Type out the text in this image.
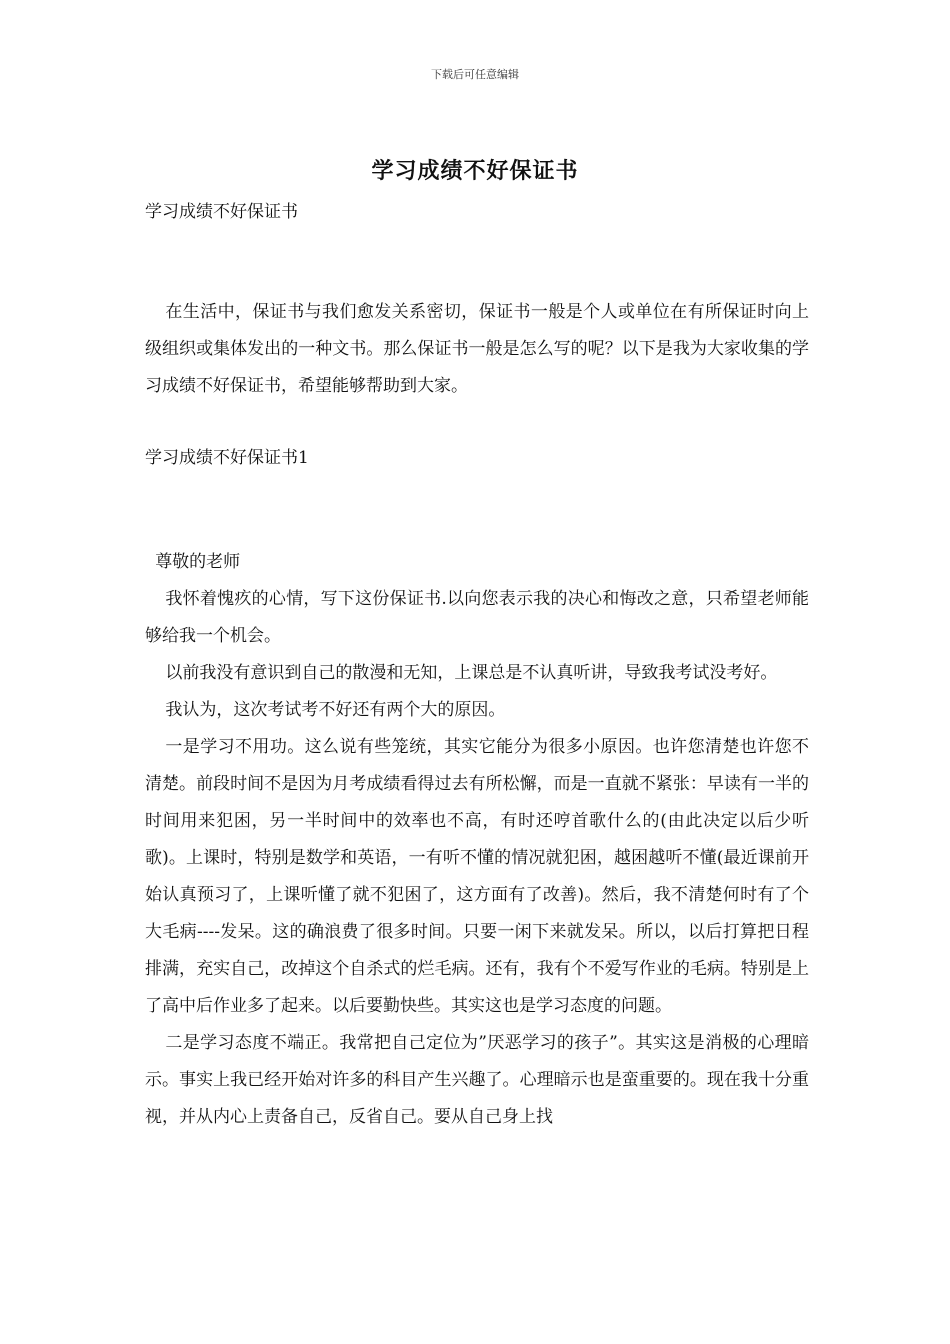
下载后可任意编辑
学习成绩不好保证书

学习成绩不好保证书

在生活中，保证书与我们愈发关系密切，保证书一般是个人或单位在有所保证时向上级组织或集体发出的一种文书。那么保证书一般是怎么写的呢？以下是我为大家收集的学习成绩不好保证书，希望能够帮助到大家。

学习成绩不好保证书1

尊敬的老师

我怀着愧疚的心情，写下这份保证书.以向您表示我的决心和悔改之意，只希望老师能够给我一个机会。

以前我没有意识到自己的散漫和无知，上课总是不认真听讲，导致我考试没考好。

我认为，这次考试考不好还有两个大的原因。

一是学习不用功。这么说有些笼统，其实它能分为很多小原因。也许您清楚也许您不清楚。前段时间不是因为月考成绩看得过去有所松懈，而是一直就不紧张：早读有一半的时间用来犯困，另一半时间中的效率也不高，有时还哼首歌什么的(由此决定以后少听歌)。上课时，特别是数学和英语，一有听不懂的情况就犯困，越困越听不懂(最近课前开始认真预习了，上课听懂了就不犯困了，这方面有了改善)。然后，我不清楚何时有了个大毛病----发呆。这的确浪费了很多时间。只要一闲下来就发呆。所以，以后打算把日程排满，充实自己，改掉这个自杀式的烂毛病。还有，我有个不爱写作业的毛病。特别是上了高中后作业多了起来。以后要勤快些。其实这也是学习态度的问题。

二是学习态度不端正。我常把自己定位为”厌恶学习的孩子”。其实这是消极的心理暗示。事实上我已经开始对许多的科目产生兴趣了。心理暗示也是蛮重要的。现在我十分重视，并从内心上责备自己，反省自己。要从自己身上找
